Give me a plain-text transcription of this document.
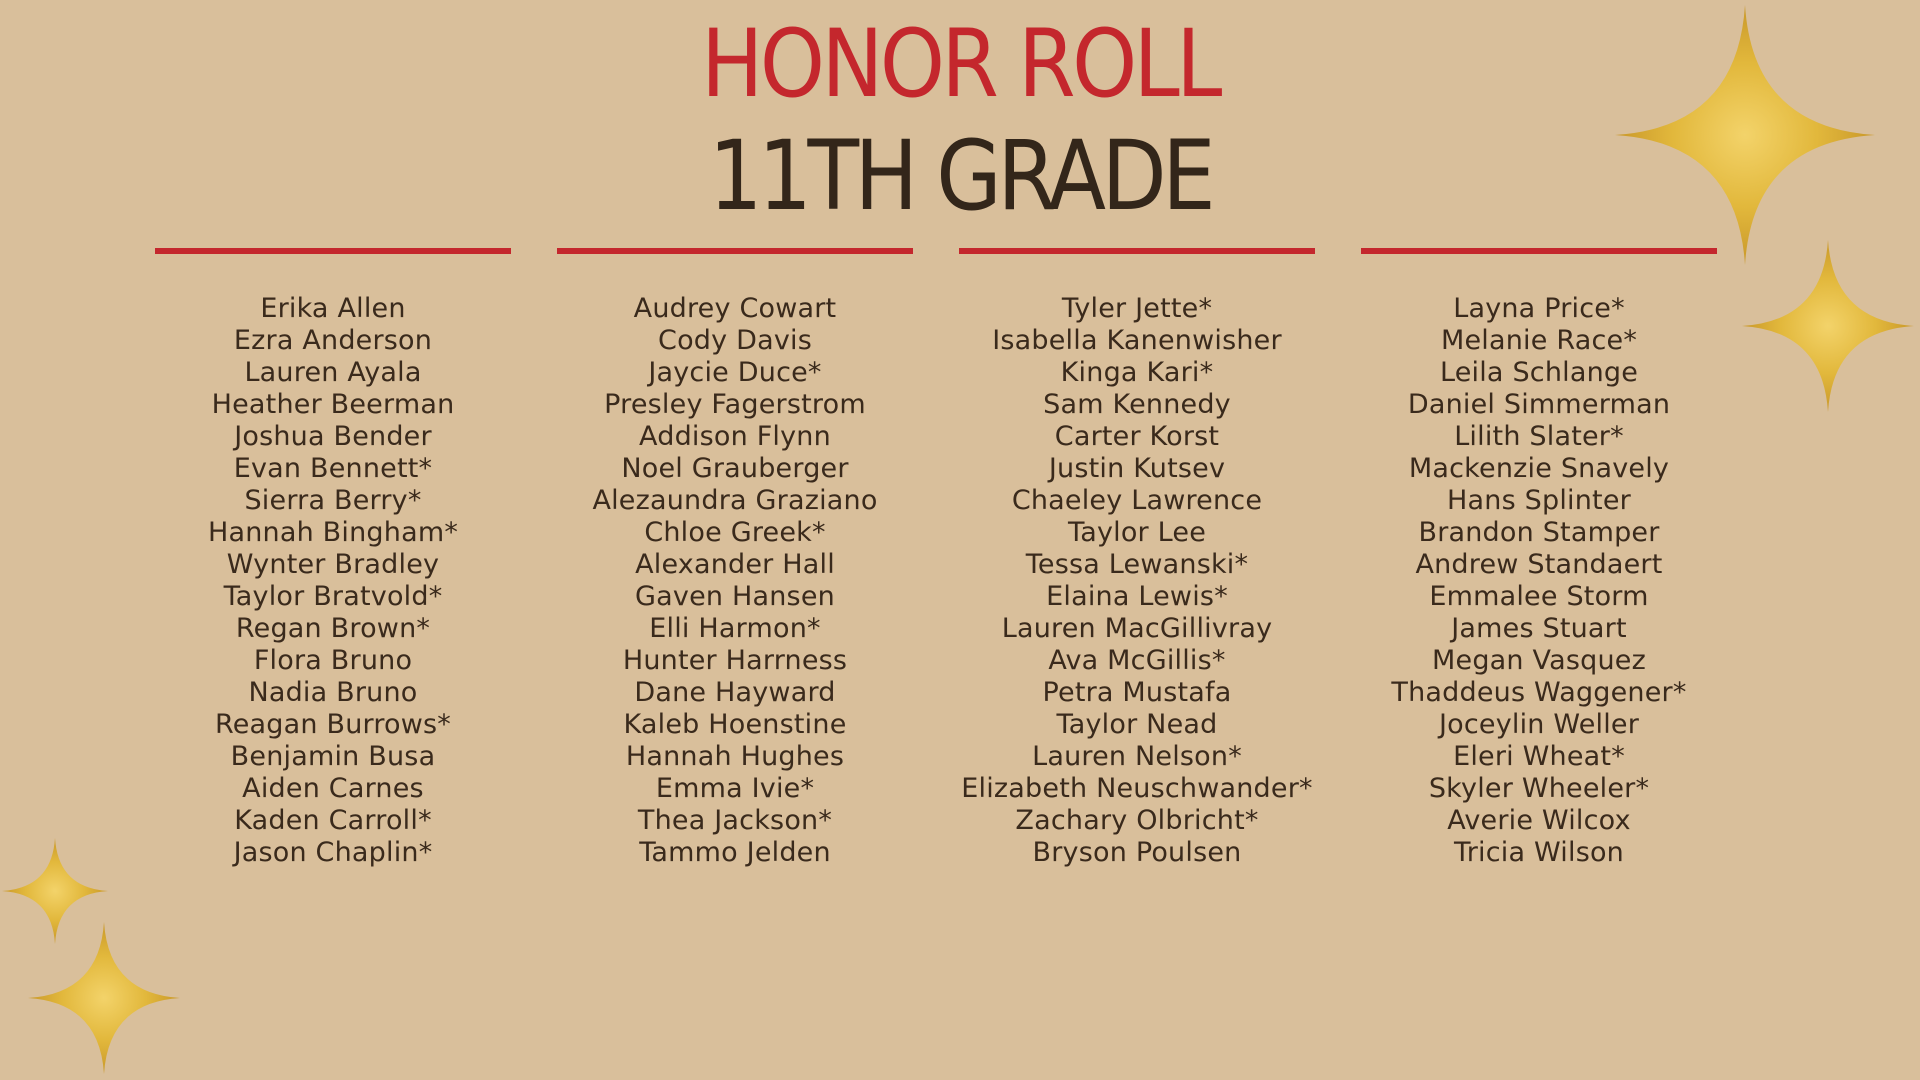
HONOR ROLL
11TH GRADE
Erika Allen
Ezra Anderson
Lauren Ayala
Heather Beerman
Joshua Bender
Evan Bennett*
Sierra Berry*
Hannah Bingham*
Wynter Bradley
Taylor Bratvold*
Regan Brown*
Flora Bruno
Nadia Bruno
Reagan Burrows*
Benjamin Busa
Aiden Carnes
Kaden Carroll*
Jason Chaplin*
Audrey Cowart
Cody Davis
Jaycie Duce*
Presley Fagerstrom
Addison Flynn
Noel Grauberger
Alezaundra Graziano
Chloe Greek*
Alexander Hall
Gaven Hansen
Elli Harmon*
Hunter Harrness
Dane Hayward
Kaleb Hoenstine
Hannah Hughes
Emma Ivie*
Thea Jackson*
Tammo Jelden
Tyler Jette*
Isabella Kanenwisher
Kinga Kari*
Sam Kennedy
Carter Korst
Justin Kutsev
Chaeley Lawrence
Taylor Lee
Tessa Lewanski*
Elaina Lewis*
Lauren MacGillivray
Ava McGillis*
Petra Mustafa
Taylor Nead
Lauren Nelson*
Elizabeth Neuschwander*
Zachary Olbricht*
Bryson Poulsen
Layna Price*
Melanie Race*
Leila Schlange
Daniel Simmerman
Lilith Slater*
Mackenzie Snavely
Hans Splinter
Brandon Stamper
Andrew Standaert
Emmalee Storm
James Stuart
Megan Vasquez
Thaddeus Waggener*
Joceylin Weller
Eleri Wheat*
Skyler Wheeler*
Averie Wilcox
Tricia Wilson
